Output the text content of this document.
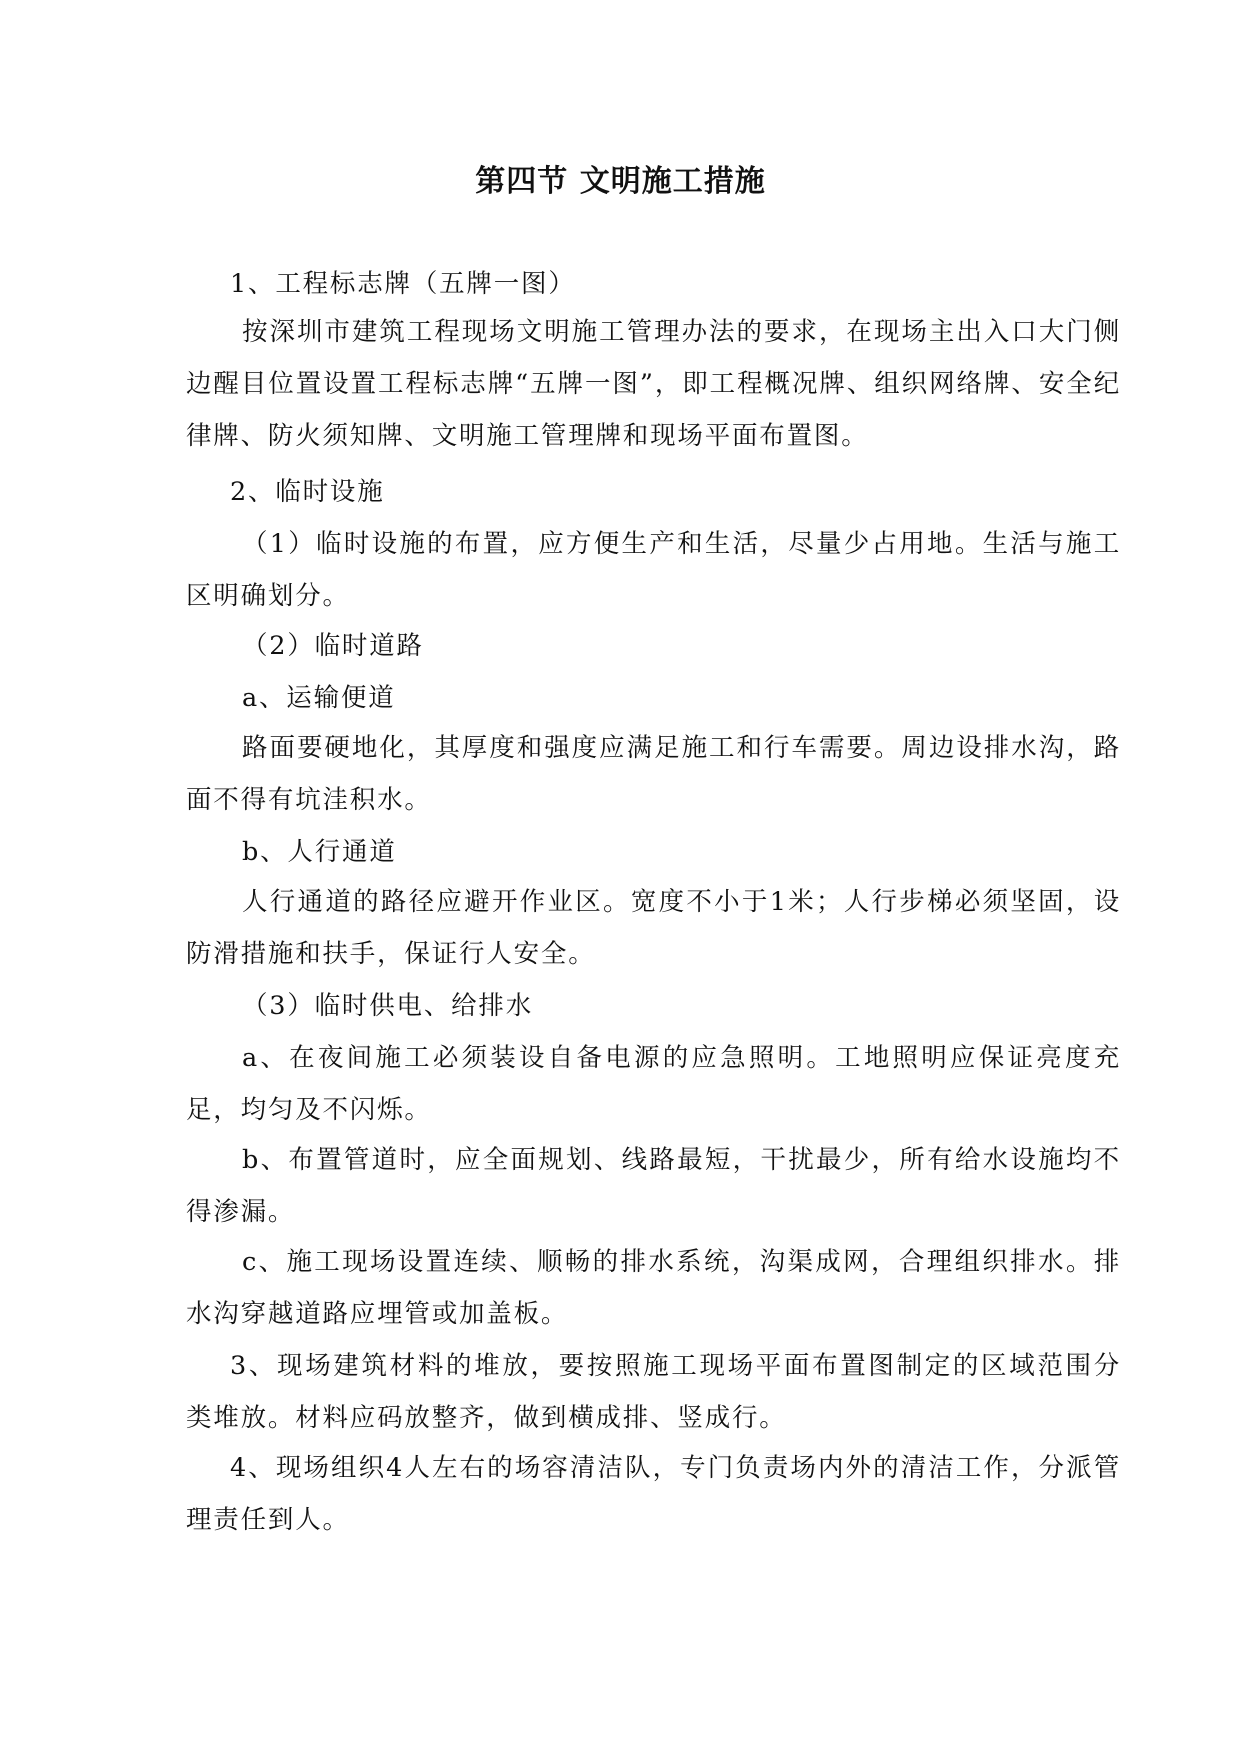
第四节 文明施工措施

1、工程标志牌（五牌一图）

按深圳市建筑工程现场文明施工管理办法的要求，在现场主出入口大门侧边醒目位置设置工程标志牌“五牌一图”，即工程概况牌、组织网络牌、安全纪律牌、防火须知牌、文明施工管理牌和现场平面布置图。

2、临时设施

（1）临时设施的布置，应方便生产和生活，尽量少占用地。生活与施工区明确划分。

（2）临时道路

a、运输便道

路面要硬地化，其厚度和强度应满足施工和行车需要。周边设排水沟，路面不得有坑洼积水。

b、人行通道

人行通道的路径应避开作业区。宽度不小于1米；人行步梯必须坚固，设防滑措施和扶手，保证行人安全。

（3）临时供电、给排水

a、在夜间施工必须装设自备电源的应急照明。工地照明应保证亮度充足，均匀及不闪烁。

b、布置管道时，应全面规划、线路最短，干扰最少，所有给水设施均不得渗漏。

c、施工现场设置连续、顺畅的排水系统，沟渠成网，合理组织排水。排水沟穿越道路应埋管或加盖板。

3、现场建筑材料的堆放，要按照施工现场平面布置图制定的区域范围分类堆放。材料应码放整齐，做到横成排、竖成行。

4、现场组织4人左右的场容清洁队，专门负责场内外的清洁工作，分派管理责任到人。
